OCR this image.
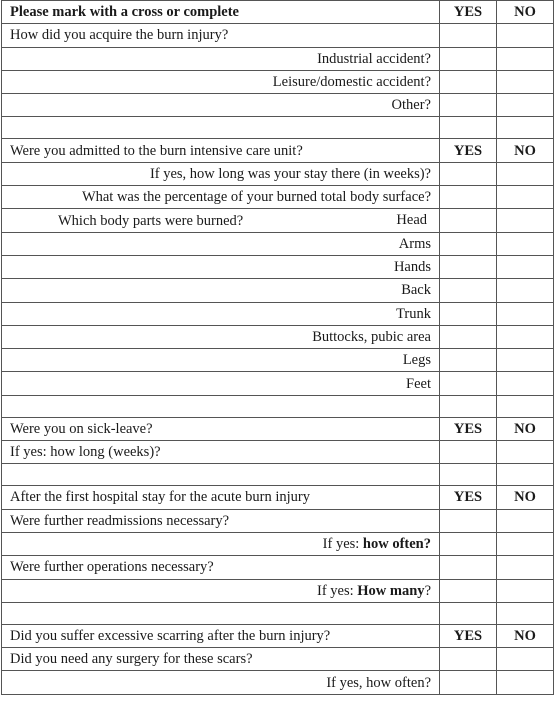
Please mark with a cross or complete	YES	NO
How did you acquire the burn injury?		
Industrial accident?		
Leisure/domestic accident?		
Other?		

Were you admitted to the burn intensive care unit?	YES	NO
If yes, how long was your stay there (in weeks)?		
What was the percentage of your burned total body surface?		
Which body parts were burned? Head		

Arms		
Hands		
Back		
Trunk		
Buttocks, pubic area		
Legs		
Feet		

Were you on sick-leave?	YES	NO
If yes: how long (weeks)?		

After the first hospital stay for the acute burn injury	YES	NO
Were further readmissions necessary?		
If yes: how often?		
Were further operations necessary?		
If yes: How many?		

Did you suffer excessive scarring after the burn injury?	YES	NO
Did you need any surgery for these scars?		
If yes, how often?		
